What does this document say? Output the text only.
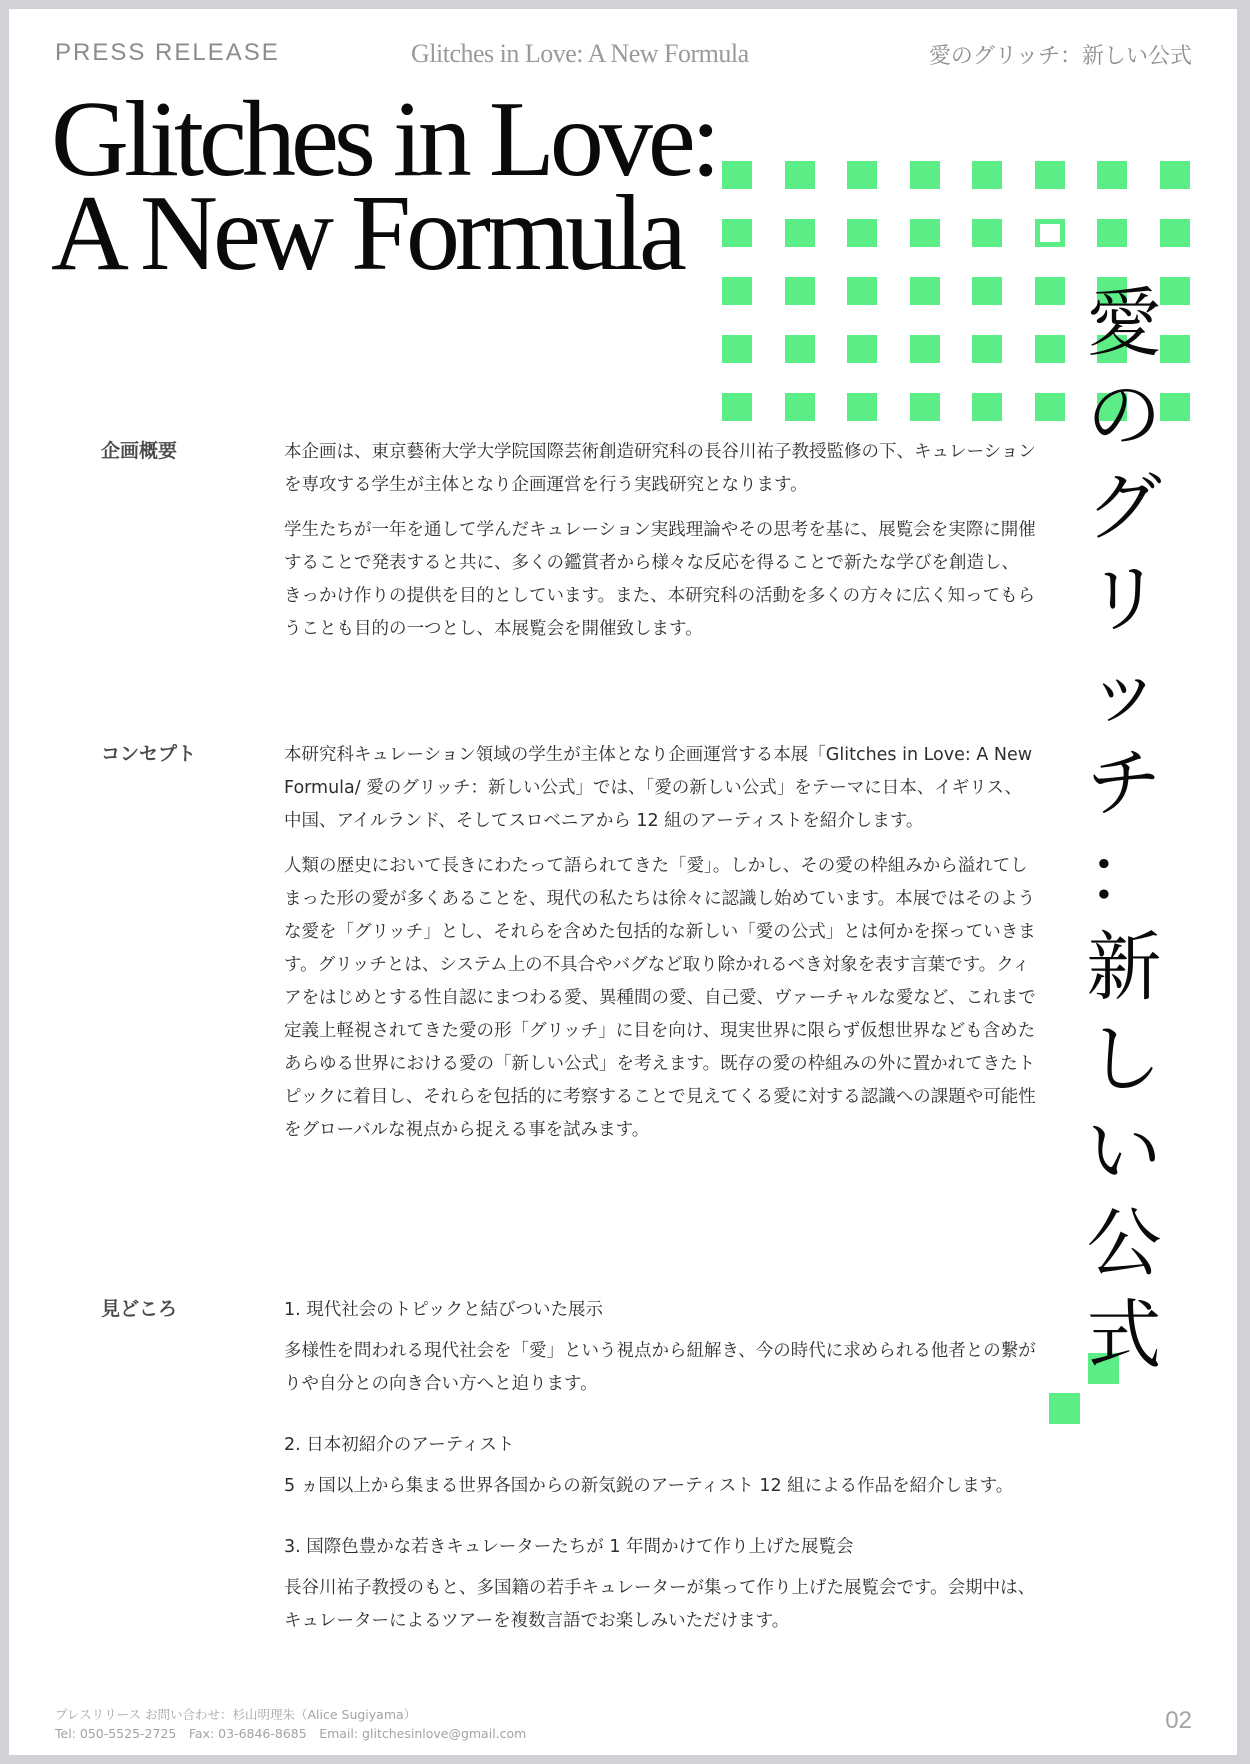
PRESS RELEASE	Glitches in Love: A New Formula	愛のグリッチ：新しい公式
Glitches in Love:
A New Formula
愛
の
グ
リ
ッ
チ
：
新
し
い
公
式
企画概要	本企画は、東京藝術大学大学院国際芸術創造研究科の長谷川祐子教授監修の下、キュレーションを専攻する学生が主体となり企画運営を行う実践研究となります。

学生たちが一年を通して学んだキュレーション実践理論やその思考を基に、展覧会を実際に開催することで発表すると共に、多くの鑑賞者から様々な反応を得ることで新たな学びを創造し、きっかけ作りの提供を目的としています。また、本研究科の活動を多くの方々に広く知ってもらうことも目的の一つとし、本展覧会を開催致します。

コンセプト	本研究科キュレーション領域の学生が主体となり企画運営する本展「Glitches in Love: A New Formula/ 愛のグリッチ：新しい公式」では、「愛の新しい公式」をテーマに日本、イギリス、中国、アイルランド、そしてスロベニアから 12 組のアーティストを紹介します。

人類の歴史において長きにわたって語られてきた「愛」。しかし、その愛の枠組みから溢れてしまった形の愛が多くあることを、現代の私たちは徐々に認識し始めています。本展ではそのような愛を「グリッチ」とし、それらを含めた包括的な新しい「愛の公式」とは何かを探っていきます。グリッチとは、システム上の不具合やバグなど取り除かれるべき対象を表す言葉です。クィアをはじめとする性自認にまつわる愛、異種間の愛、自己愛、ヴァーチャルな愛など、これまで定義上軽視されてきた愛の形「グリッチ」に目を向け、現実世界に限らず仮想世界なども含めたあらゆる世界における愛の「新しい公式」を考えます。既存の愛の枠組みの外に置かれてきたトピックに着目し、それらを包括的に考察することで見えてくる愛に対する認識への課題や可能性をグローバルな視点から捉える事を試みます。

見どころ	1. 現代社会のトピックと結びついた展示
多様性を問われる現代社会を「愛」という視点から紐解き、今の時代に求められる他者との繋がりや自分との向き合い方へと迫ります。
2. 日本初紹介のアーティスト
5 ヵ国以上から集まる世界各国からの新気鋭のアーティスト 12 組による作品を紹介します。
3. 国際色豊かな若きキュレーターたちが 1 年間かけて作り上げた展覧会
長谷川祐子教授のもと、多国籍の若手キュレーターが集って作り上げた展覧会です。会期中は、キュレーターによるツアーを複数言語でお楽しみいただけます。
プレスリリース お問い合わせ：杉山明理朱（Alice Sugiyama）
Tel: 050-5525-2725　Fax: 03-6846-8685　Email: glitchesinlove@gmail.com	02
